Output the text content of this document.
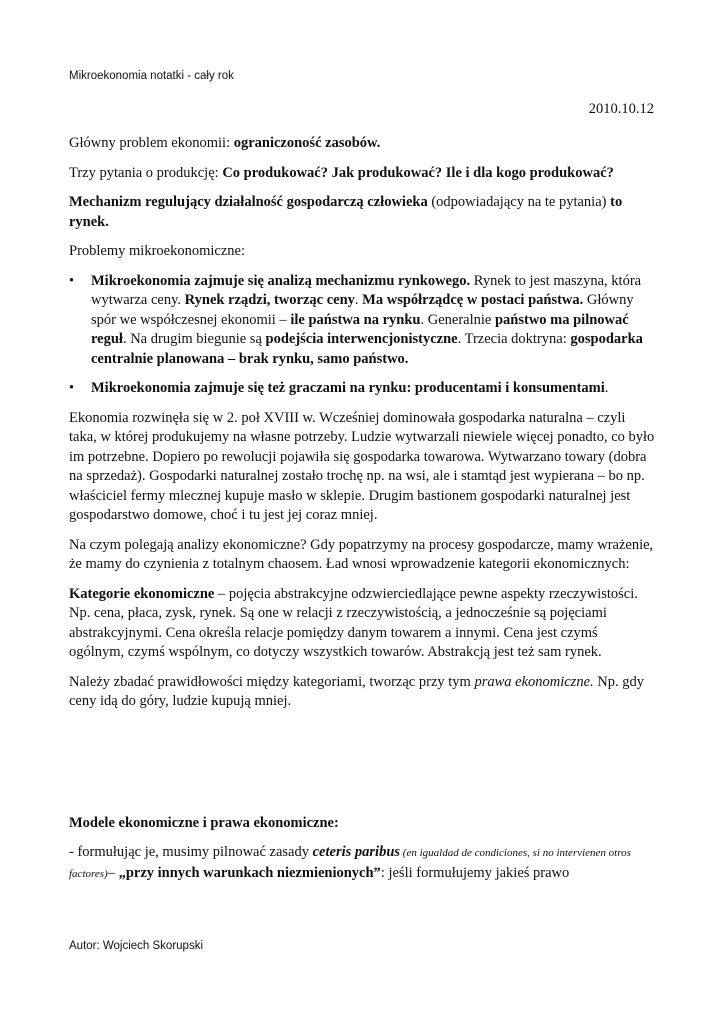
Mikroekonomia notatki - cały rok
2010.10.12

Główny problem ekonomii: ograniczoność zasobów.

Trzy pytania o produkcję: Co produkować? Jak produkować? Ile i dla kogo produkować?

Mechanizm regulujący działalność gospodarczą człowieka (odpowiadający na te pytania) to rynek.

Problemy mikroekonomiczne:

•	Mikroekonomia zajmuje się analizą mechanizmu rynkowego. Rynek to jest maszyna, która wytwarza ceny. Rynek rządzi, tworząc ceny. Ma współrządcę w postaci państwa. Główny spór we współczesnej ekonomii – ile państwa na rynku. Generalnie państwo ma pilnować reguł. Na drugim biegunie są podejścia interwencjonistyczne. Trzecia doktryna: gospodarka centralnie planowana – brak rynku, samo państwo.
•	Mikroekonomia zajmuje się też graczami na rynku: producentami i konsumentami.

Ekonomia rozwinęła się w 2. poł XVIII w. Wcześniej dominowała gospodarka naturalna – czyli taka, w której produkujemy na własne potrzeby. Ludzie wytwarzali niewiele więcej ponadto, co było im potrzebne. Dopiero po rewolucji pojawiła się gospodarka towarowa. Wytwarzano towary (dobra na sprzedaż). Gospodarki naturalnej zostało trochę np. na wsi, ale i stamtąd jest wypierana – bo np. właściciel fermy mlecznej kupuje masło w sklepie. Drugim bastionem gospodarki naturalnej jest gospodarstwo domowe, choć i tu jest jej coraz mniej.

Na czym polegają analizy ekonomiczne? Gdy popatrzymy na procesy gospodarcze, mamy wrażenie, że mamy do czynienia z totalnym chaosem. Ład wnosi wprowadzenie kategorii ekonomicznych:

Kategorie ekonomiczne – pojęcia abstrakcyjne odzwierciedlające pewne aspekty rzeczywistości. Np. cena, płaca, zysk, rynek. Są one w relacji z rzeczywistością, a jednocześnie są pojęciami abstrakcyjnymi. Cena określa relacje pomiędzy danym towarem a innymi. Cena jest czymś ogólnym, czymś wspólnym, co dotyczy wszystkich towarów. Abstrakcją jest też sam rynek.

Należy zbadać prawidłowości między kategoriami, tworząc przy tym prawa ekonomiczne. Np. gdy ceny idą do góry, ludzie kupują mniej.

Modele ekonomiczne i prawa ekonomiczne:

- formułując je, musimy pilnować zasady ceteris paribus (en igualdad de condiciones, si no intervienen otros factores)– „przy innych warunkach niezmienionych”: jeśli formułujemy jakieś prawo

Autor: Wojciech Skorupski
